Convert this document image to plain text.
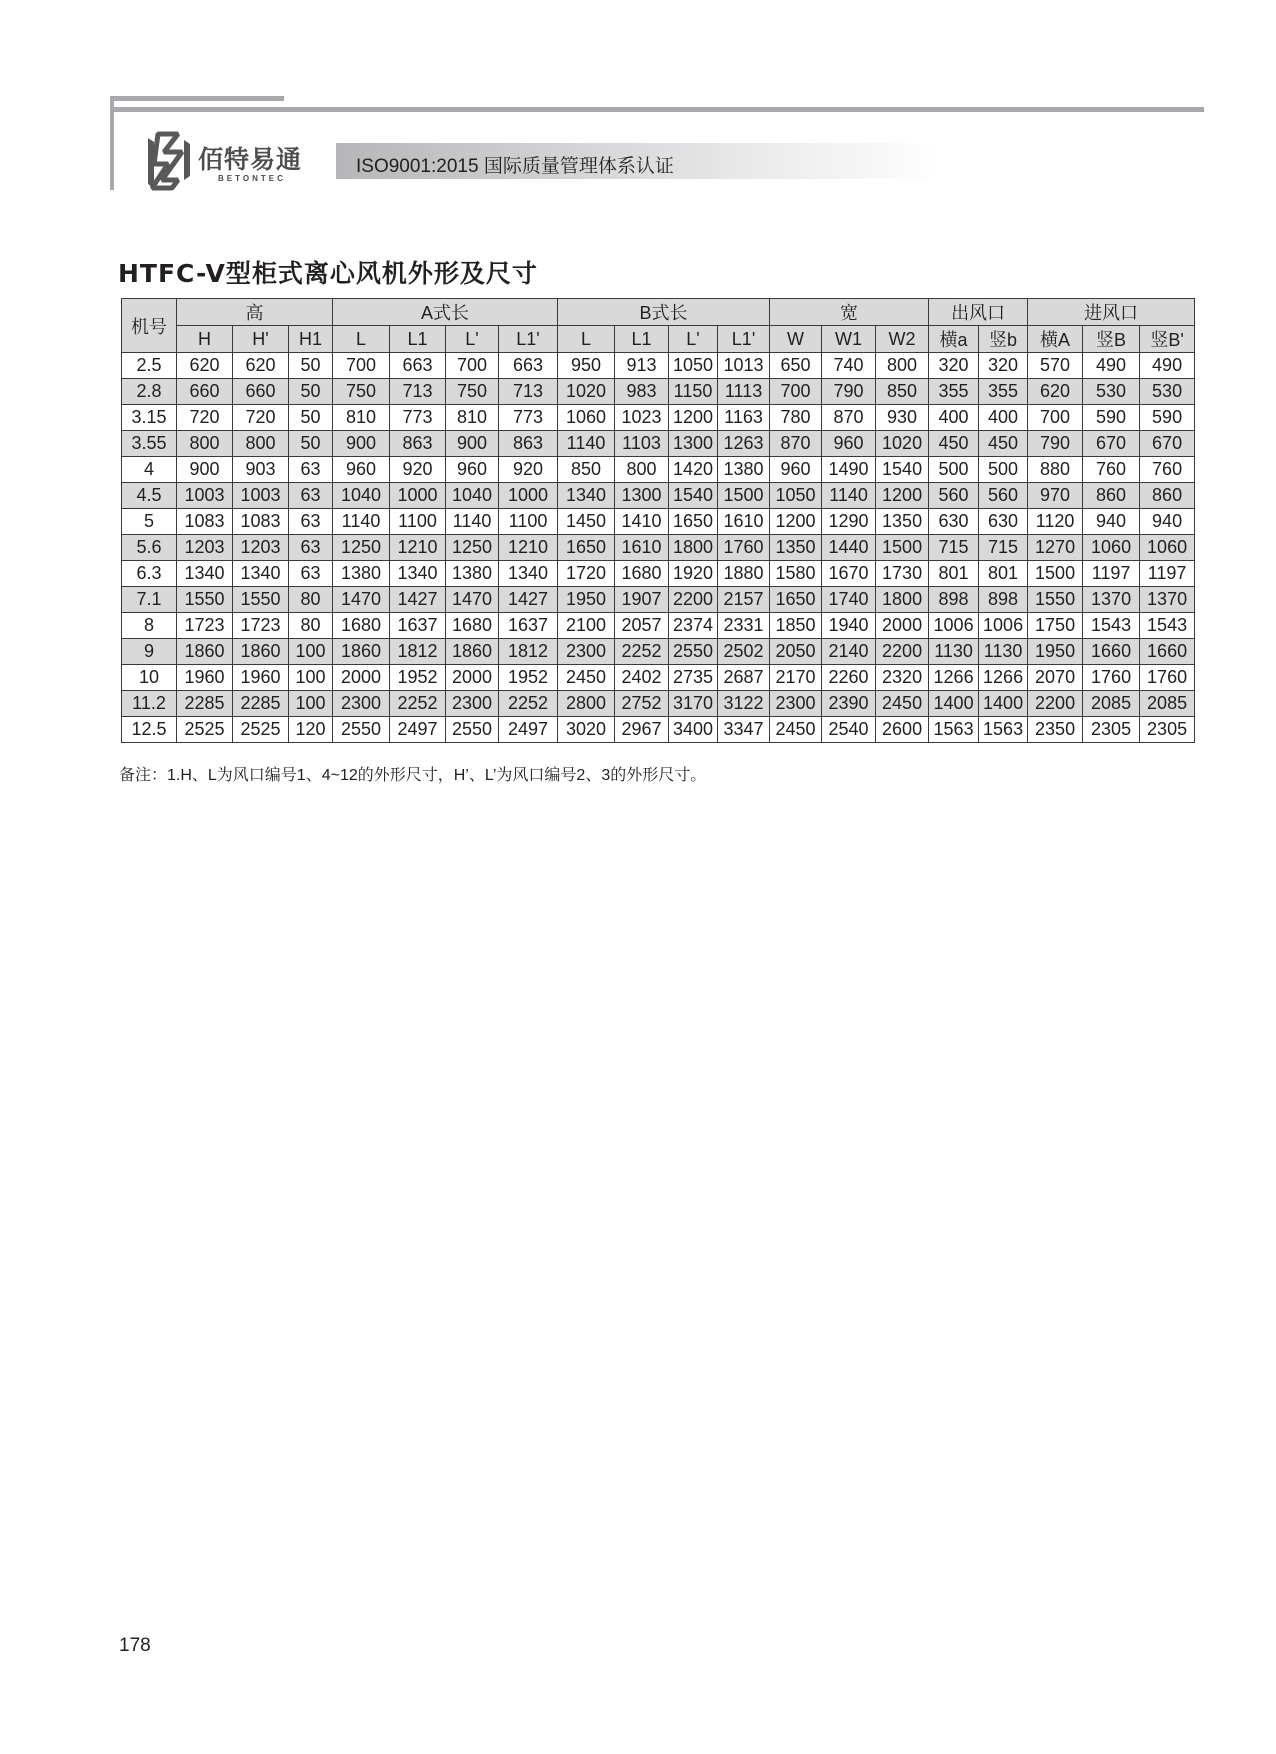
佰特易通
BETONTEC
ISO9001:2015 国际质量管理体系认证
HTFC-V型柜式离心风机外形及尺寸
机号	高			A式长				B式长				宽			出风口		进风口		
	H	H'	H1	L	L1	L'	L1'	L	L1	L'	L1'	W	W1	W2	横a	竖b	横A	竖B	竖B'
2.5	620	620	50	700	663	700	663	950	913	1050	1013	650	740	800	320	320	570	490	490
2.8	660	660	50	750	713	750	713	1020	983	1150	1113	700	790	850	355	355	620	530	530
3.15	720	720	50	810	773	810	773	1060	1023	1200	1163	780	870	930	400	400	700	590	590
3.55	800	800	50	900	863	900	863	1140	1103	1300	1263	870	960	1020	450	450	790	670	670
4	900	903	63	960	920	960	920	850	800	1420	1380	960	1490	1540	500	500	880	760	760
4.5	1003	1003	63	1040	1000	1040	1000	1340	1300	1540	1500	1050	1140	1200	560	560	970	860	860
5	1083	1083	63	1140	1100	1140	1100	1450	1410	1650	1610	1200	1290	1350	630	630	1120	940	940
5.6	1203	1203	63	1250	1210	1250	1210	1650	1610	1800	1760	1350	1440	1500	715	715	1270	1060	1060
6.3	1340	1340	63	1380	1340	1380	1340	1720	1680	1920	1880	1580	1670	1730	801	801	1500	1197	1197
7.1	1550	1550	80	1470	1427	1470	1427	1950	1907	2200	2157	1650	1740	1800	898	898	1550	1370	1370
8	1723	1723	80	1680	1637	1680	1637	2100	2057	2374	2331	1850	1940	2000	1006	1006	1750	1543	1543
9	1860	1860	100	1860	1812	1860	1812	2300	2252	2550	2502	2050	2140	2200	1130	1130	1950	1660	1660
10	1960	1960	100	2000	1952	2000	1952	2450	2402	2735	2687	2170	2260	2320	1266	1266	2070	1760	1760
11.2	2285	2285	100	2300	2252	2300	2252	2800	2752	3170	3122	2300	2390	2450	1400	1400	2200	2085	2085
12.5	2525	2525	120	2550	2497	2550	2497	3020	2967	3400	3347	2450	2540	2600	1563	1563	2350	2305	2305
备注：1.H、L为风口编号1、4~12的外形尺寸，H’、L’为风口编号2、3的外形尺寸。
178
